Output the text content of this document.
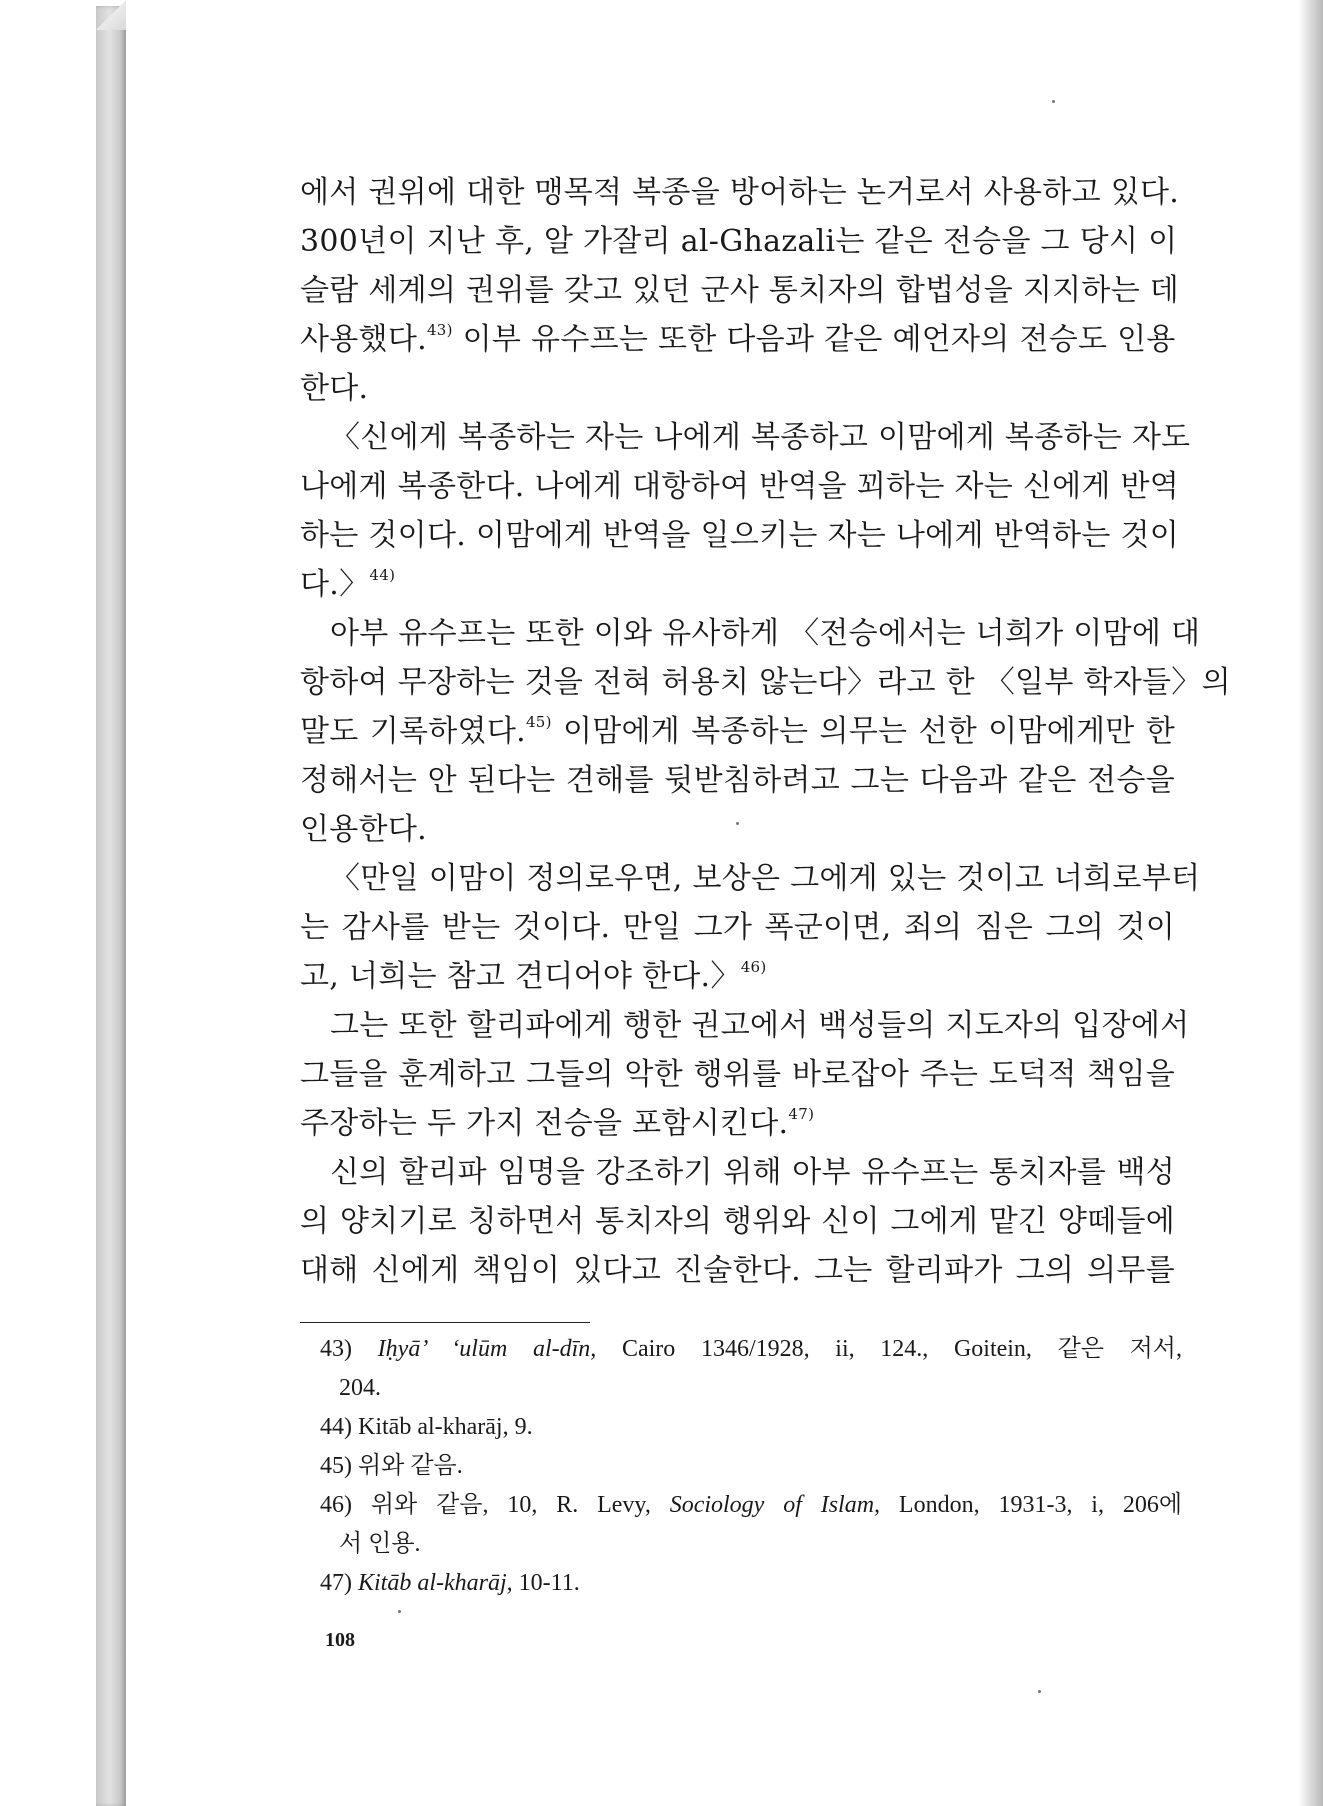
에서 권위에 대한 맹목적 복종을 방어하는 논거로서 사용하고 있다.
300년이 지난 후, 알 가잘리 al-Ghazali는 같은 전승을 그 당시 이
슬람 세계의 권위를 갖고 있던 군사 통치자의 합법성을 지지하는 데
사용했다.$^{43)}$ 이부 유수프는 또한 다음과 같은 예언자의 전승도 인용
한다.
〈신에게 복종하는 자는 나에게 복종하고 이맘에게 복종하는 자도
나에게 복종한다. 나에게 대항하여 반역을 꾀하는 자는 신에게 반역
하는 것이다. 이맘에게 반역을 일으키는 자는 나에게 반역하는 것이
다.〉$^{44)}$
아부 유수프는 또한 이와 유사하게 〈전승에서는 너희가 이맘에 대
항하여 무장하는 것을 전혀 허용치 않는다〉라고 한 〈일부 학자들〉의
말도 기록하였다.$^{45)}$ 이맘에게 복종하는 의무는 선한 이맘에게만 한
정해서는 안 된다는 견해를 뒷받침하려고 그는 다음과 같은 전승을
인용한다.
〈만일 이맘이 정의로우면, 보상은 그에게 있는 것이고 너희로부터
는 감사를 받는 것이다. 만일 그가 폭군이면, 죄의 짐은 그의 것이
고, 너희는 참고 견디어야 한다.〉$^{46)}$
그는 또한 할리파에게 행한 권고에서 백성들의 지도자의 입장에서
그들을 훈계하고 그들의 악한 행위를 바로잡아 주는 도덕적 책임을
주장하는 두 가지 전승을 포함시킨다.$^{47)}$
신의 할리파 임명을 강조하기 위해 아부 유수프는 통치자를 백성
의 양치기로 칭하면서 통치자의 행위와 신이 그에게 맡긴 양떼들에
대해 신에게 책임이 있다고 진술한다. 그는 할리파가 그의 의무를
43) Iḥyā’ ‘ulūm al-dīn, Cairo 1346/1928, ii, 124., Goitein, 같은 저서,
204.
44) Kitāb al-kharāj, 9.
45) 위와 같음.
46) 위와 같음, 10, R. Levy, Sociology of Islam, London, 1931-3, i, 206에
서 인용.
47) Kitāb al-kharāj, 10-11.
108
